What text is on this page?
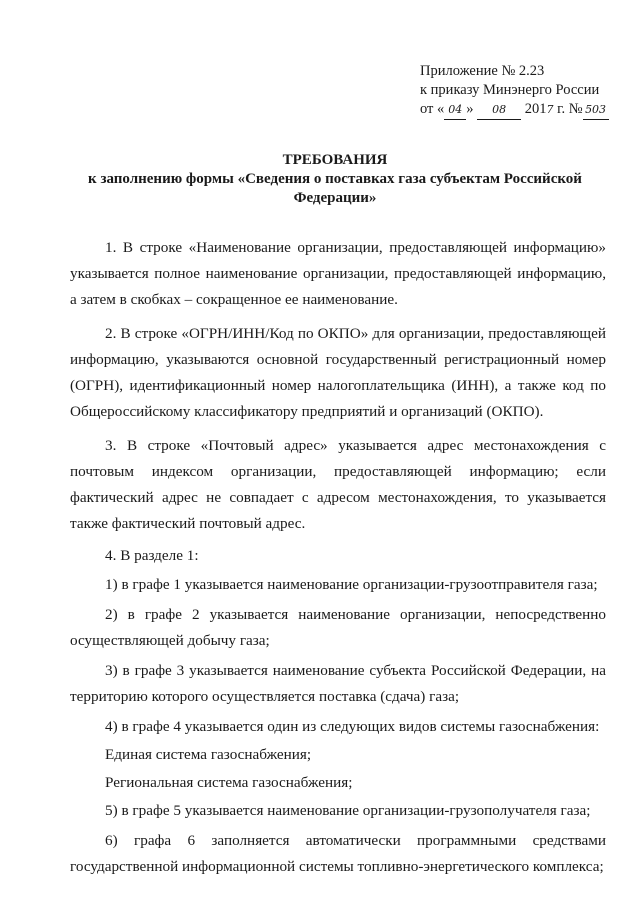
Приложение № 2.23
к приказу Минэнерго России
от « 04 » 08 2017 г. № 503
ТРЕБОВАНИЯ
к заполнению формы «Сведения о поставках газа субъектам Российской
Федерации»

1. В строке «Наименование организации, предоставляющей информацию» указывается полное наименование организации, предоставляющей информацию, а затем в скобках – сокращенное ее наименование.

2. В строке «ОГРН/ИНН/Код по ОКПО» для организации, предоставляющей информацию, указываются основной государственный регистрационный номер (ОГРН), идентификационный номер налогоплательщика (ИНН), а также код по Общероссийскому классификатору предприятий и организаций (ОКПО).

3. В строке «Почтовый адрес» указывается адрес местонахождения с почтовым индексом организации, предоставляющей информацию; если фактический адрес не совпадает с адресом местонахождения, то указывается также фактический почтовый адрес.

4. В разделе 1:

1) в графе 1 указывается наименование организации-грузоотправителя газа;

2) в графе 2 указывается наименование организации, непосредственно осуществляющей добычу газа;

3) в графе 3 указывается наименование субъекта Российской Федерации, на территорию которого осуществляется поставка (сдача) газа;

4) в графе 4 указывается один из следующих видов системы газоснабжения:

Единая система газоснабжения;

Региональная система газоснабжения;

5) в графе 5 указывается наименование организации-грузополучателя газа;

6) графа 6 заполняется автоматически программными средствами государственной информационной системы топливно-энергетического комплекса;
